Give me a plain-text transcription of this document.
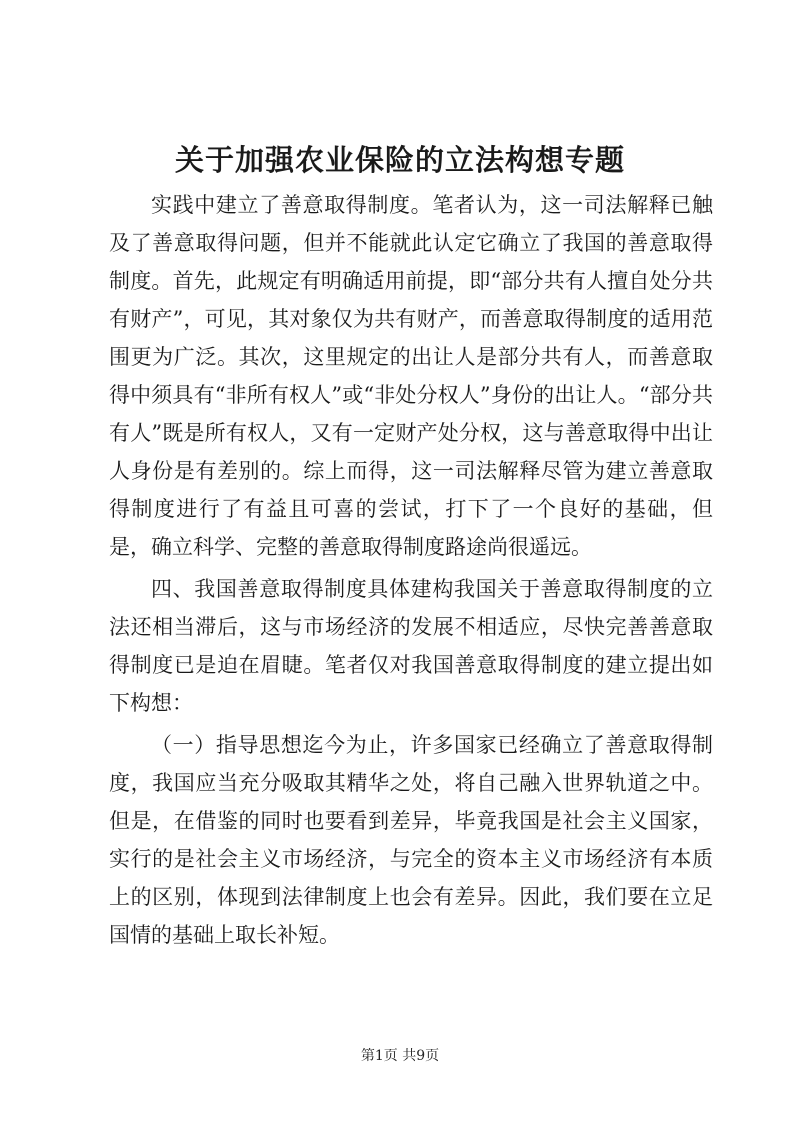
关于加强农业保险的立法构想专题

实践中建立了善意取得制度。笔者认为，这一司法解释已触及了善意取得问题，但并不能就此认定它确立了我国的善意取得制度。首先，此规定有明确适用前提，即“部分共有人擅自处分共有财产”，可见，其对象仅为共有财产，而善意取得制度的适用范围更为广泛。其次，这里规定的出让人是部分共有人，而善意取得中须具有“非所有权人”或“非处分权人”身份的出让人。“部分共有人”既是所有权人，又有一定财产处分权，这与善意取得中出让人身份是有差别的。综上而得，这一司法解释尽管为建立善意取得制度进行了有益且可喜的尝试，打下了一个良好的基础，但是，确立科学、完整的善意取得制度路途尚很遥远。

四、我国善意取得制度具体建构我国关于善意取得制度的立法还相当滞后，这与市场经济的发展不相适应，尽快完善善意取得制度已是迫在眉睫。笔者仅对我国善意取得制度的建立提出如下构想：

（一）指导思想迄今为止，许多国家已经确立了善意取得制度，我国应当充分吸取其精华之处，将自己融入世界轨道之中。但是，在借鉴的同时也要看到差异，毕竟我国是社会主义国家，实行的是社会主义市场经济，与完全的资本主义市场经济有本质上的区别，体现到法律制度上也会有差异。因此，我们要在立足国情的基础上取长补短。

第1页 共9页
